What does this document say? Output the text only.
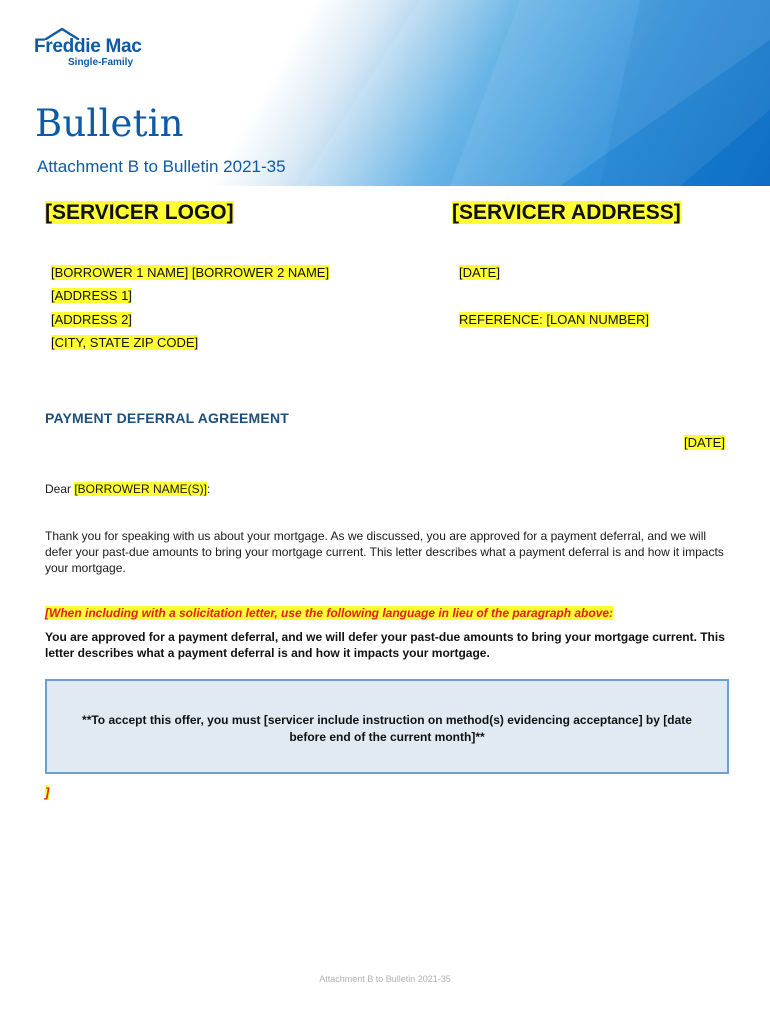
Freddie Mac
Single-Family
Bulletin
Attachment B to Bulletin 2021-35
[SERVICER LOGO]	[SERVICER ADDRESS]
[BORROWER 1 NAME] [BORROWER 2 NAME]
[ADDRESS 1]
[ADDRESS 2]
[CITY, STATE ZIP CODE]
[DATE]
REFERENCE: [LOAN NUMBER]
PAYMENT DEFERRAL AGREEMENT
[DATE]
Dear [BORROWER NAME(S)]:
Thank you for speaking with us about your mortgage. As we discussed, you are approved for a payment deferral, and we will defer your past-due amounts to bring your mortgage current. This letter describes what a payment deferral is and how it impacts your mortgage.
[When including with a solicitation letter, use the following language in lieu of the paragraph above:
You are approved for a payment deferral, and we will defer your past-due amounts to bring your mortgage current. This letter describes what a payment deferral is and how it impacts your mortgage.
**To accept this offer, you must [servicer include instruction on method(s) evidencing acceptance] by [date before end of the current month]**
]
Attachment B to Bulletin 2021-35
